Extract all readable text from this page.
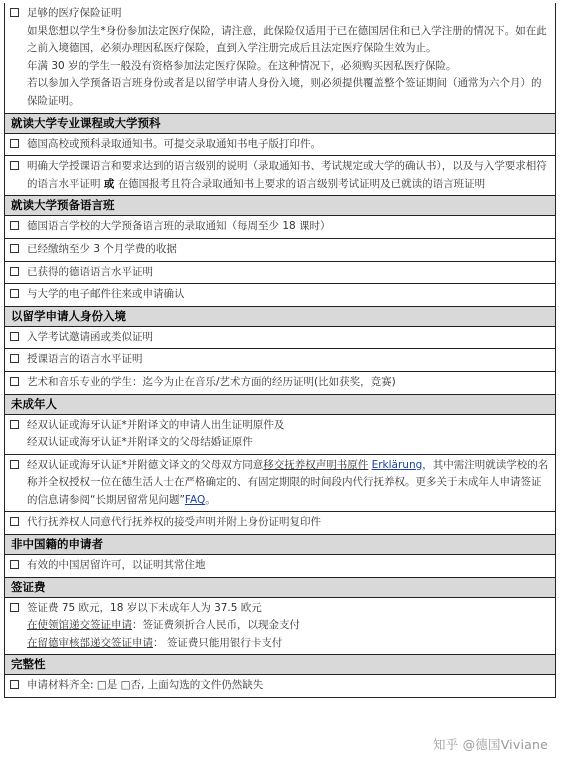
足够的医疗保险证明

如果您想以学生*身份参加法定医疗保险，请注意，此保险仅适用于已在德国居住和已入学注册的情况下。如在此之前入境德国，必须办理因私医疗保险，直到入学注册完成后且法定医疗保险生效为止。

年满 30 岁的学生一般没有资格参加法定医疗保险。在这种情况下，必须购买因私医疗保险。

若以参加入学预备语言班身份或者是以留学申请人身份入境，则必须提供覆盖整个签证期间（通常为六个月）的保险证明。

就读大学专业课程或大学预科
德国高校或预科录取通知书。可提交录取通知书电子版打印件。
明确大学授课语言和要求达到的语言级别的说明（录取通知书、考试规定或大学的确认书），以及与入学要求相符的语言水平证明 或 在德国报考且符合录取通知书上要求的语言级别考试证明及已就读的语言班证明
就读大学预备语言班
德国语言学校的大学预备语言班的录取通知（每周至少 18 课时）
已经缴纳至少 3 个月学费的收据
已获得的德语语言水平证明
与大学的电子邮件往来或申请确认
以留学申请人身份入境
入学考试邀请函或类似证明
授课语言的语言水平证明
艺术和音乐专业的学生：迄今为止在音乐/艺术方面的经历证明(比如获奖，竞赛)
未成年人

经双认证或海牙认证*并附译文的申请人出生证明原件及

经双认证或海牙认证*并附译文的父母结婚证原件

经双认证或海牙认证*并附德文译文的父母双方同意移交抚养权声明书原件 Erklärung，其中需注明就读学校的名称并全权授权一位在德生活人士在严格确定的、有固定期限的时间段内代行抚养权。更多关于未成年人申请签证的信息请参阅“长期居留常见问题”FAQ。
代行抚养权人同意代行抚养权的接受声明并附上身份证明复印件
非中国籍的申请者
有效的中国居留许可，以证明其常住地
签证费

签证费 75 欧元，18 岁以下未成年人为 37.5 欧元

在使领馆递交签证申请：签证费须折合人民币，以现金支付

在留德审核部递交签证申请： 签证费只能用银行卡支付

完整性
申请材料齐全: □是 □否, 上面勾选的文件仍然缺失
知乎 @德国Viviane
